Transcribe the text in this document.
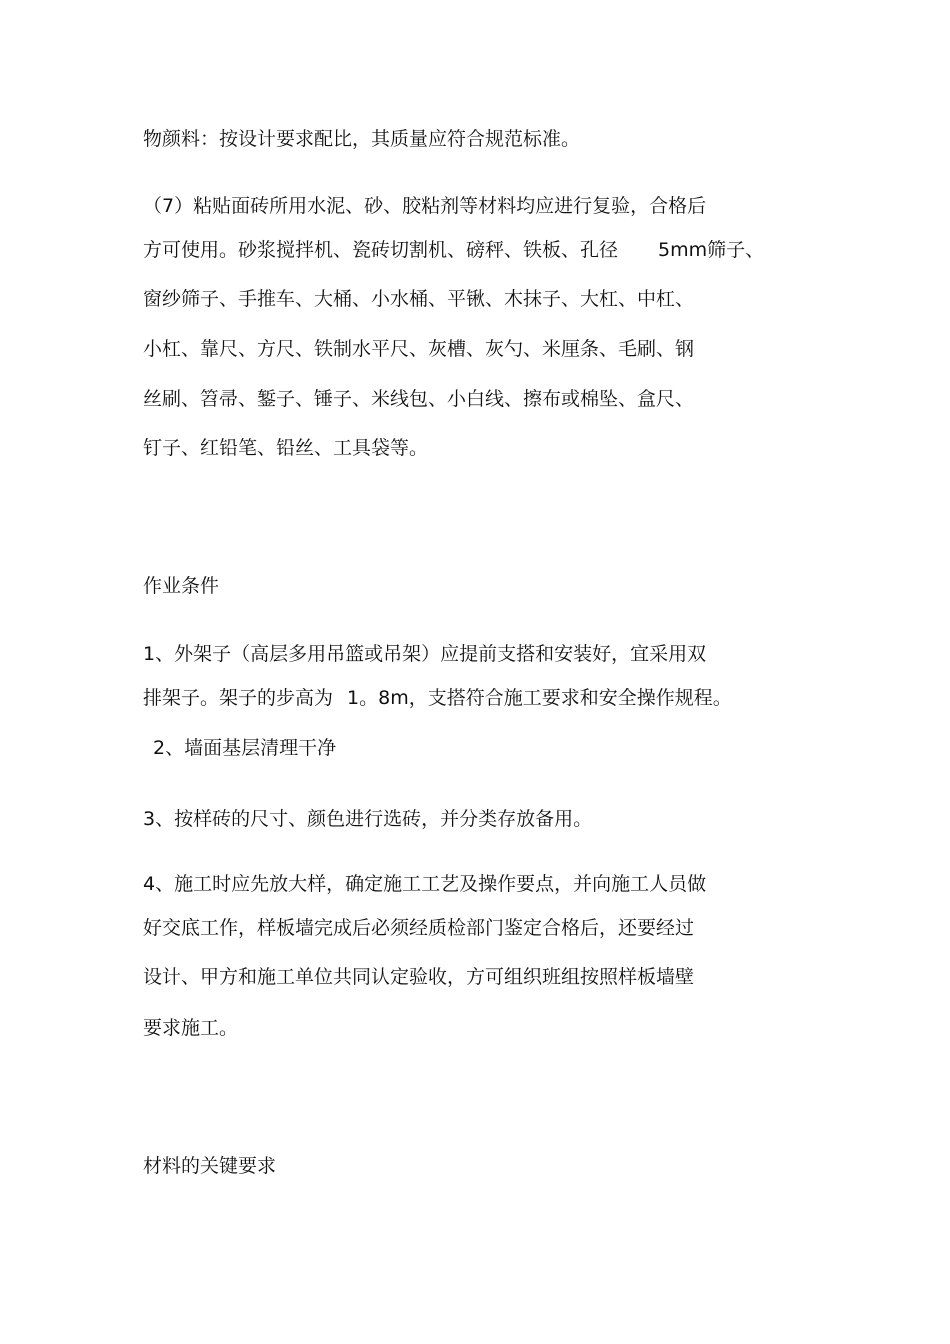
物颜料：按设计要求配比，其质量应符合规范标准。

（7）粘贴面砖所用水泥、砂、胶粘剂等材料均应进行复验，合格后

方可使用。砂浆搅拌机、瓷砖切割机、磅秤、铁板、孔径 5mm筛子、

窗纱筛子、手推车、大桶、小水桶、平锹、木抹子、大杠、中杠、

小杠、靠尺、方尺、铁制水平尺、灰槽、灰勺、米厘条、毛刷、钢

丝刷、笤帚、錾子、锤子、米线包、小白线、擦布或棉坠、盒尺、

钉子、红铅笔、铅丝、工具袋等。

作业条件

1、外架子（高层多用吊篮或吊架）应提前支搭和安装好，宜采用双

排架子。架子的步高为 1。8m，支搭符合施工要求和安全操作规程。

2、墙面基层清理干净

3、按样砖的尺寸、颜色进行选砖，并分类存放备用。

4、施工时应先放大样，确定施工工艺及操作要点，并向施工人员做

好交底工作，样板墙完成后必须经质检部门鉴定合格后，还要经过

设计、甲方和施工单位共同认定验收，方可组织班组按照样板墙壁

要求施工。

材料的关键要求
